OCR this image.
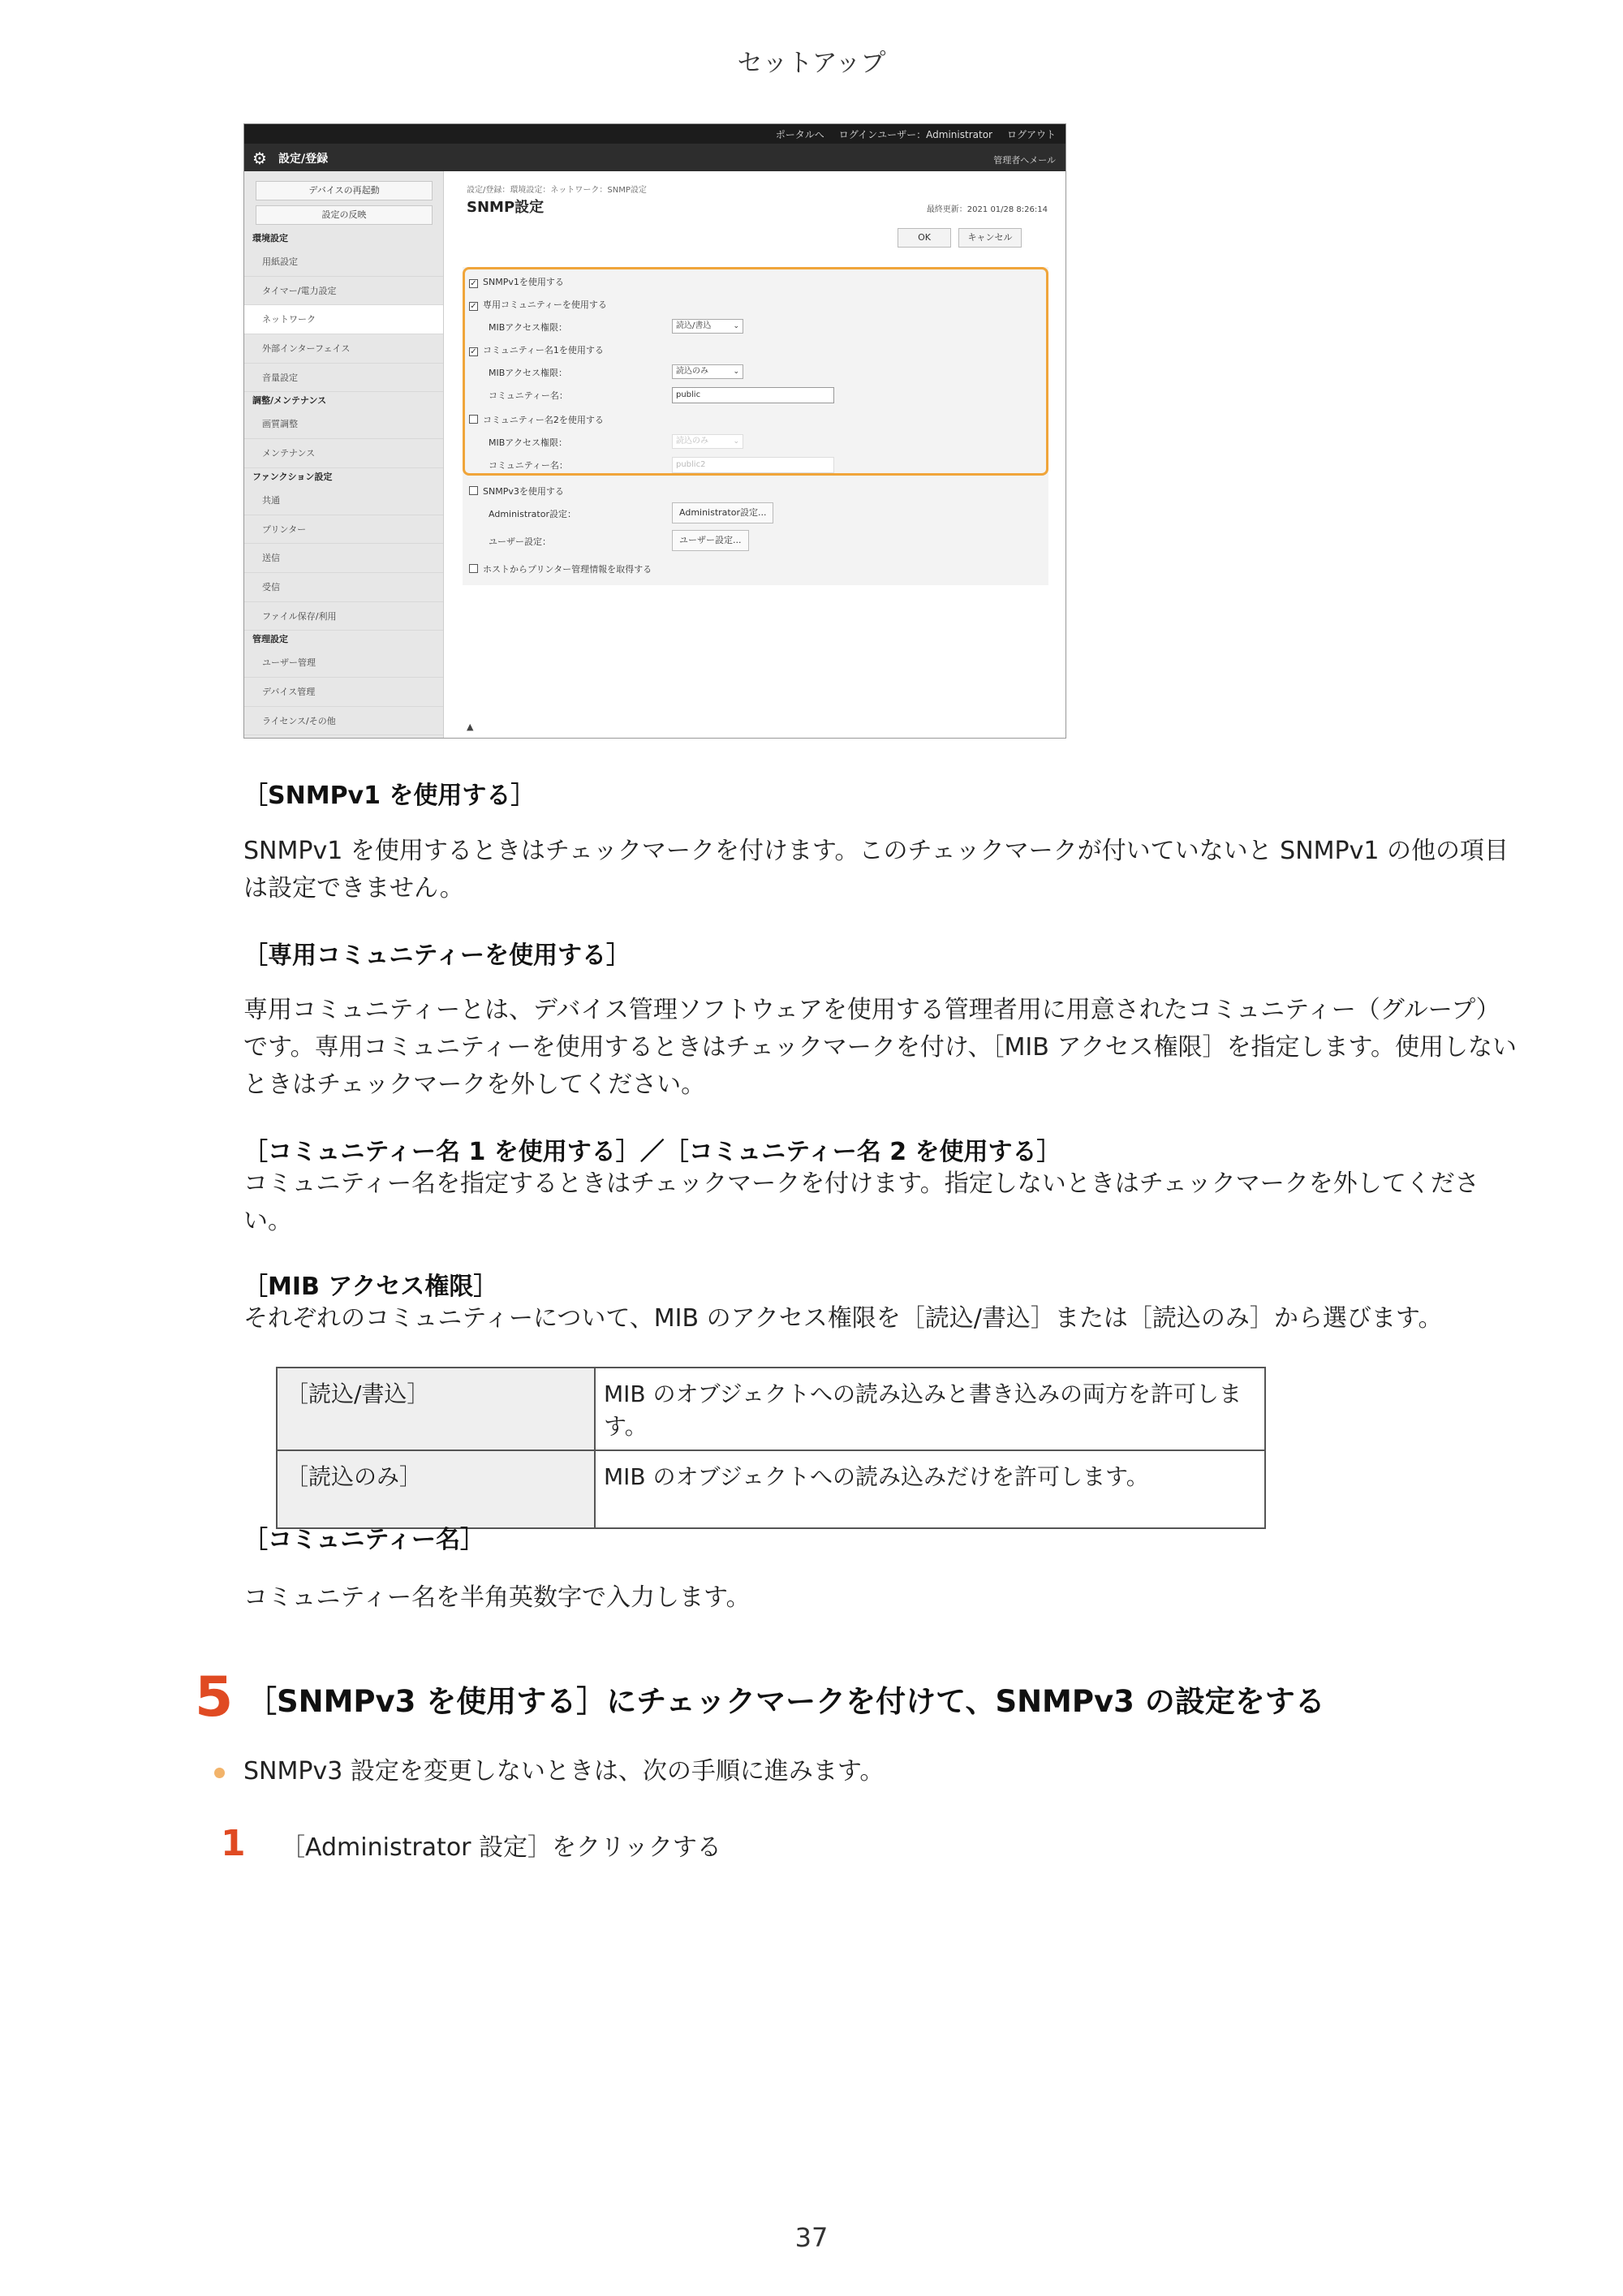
セットアップ
ポータルへ ログインユーザー：Administrator ログアウト
⚙ 設定/登録	管理者へメール
デバイスの再起動
設定の反映
環境設定
用紙設定
タイマー/電力設定
ネットワーク
外部インターフェイス
音量設定
調整/メンテナンス
画質調整
メンテナンス
ファンクション設定
共通
プリンター
送信
受信
ファイル保存/利用
管理設定
ユーザー管理
デバイス管理
ライセンス/その他
設定/登録：環境設定：ネットワーク：SNMP設定
SNMP設定	最終更新：2021 01/28 8:26:14
OK	キャンセル
✓ SNMPv1を使用する
✓ 専用コミュニティーを使用する
MIBアクセス権限：	読込/書込	⌄
✓ コミュニティー名1を使用する
MIBアクセス権限：	読込のみ	⌄
コミュニティー名：	public
コミュニティー名2を使用する
MIBアクセス権限：	読込のみ	⌄
コミュニティー名：	public2
SNMPv3を使用する
Administrator設定：	Administrator設定...
ユーザー設定：	ユーザー設定...
ホストからプリンター管理情報を取得する
▲
［SNMPv1 を使用する］
SNMPv1 を使用するときはチェックマークを付けます。このチェックマークが付いていないと SNMPv1 の他の項目は設定できません。
［専用コミュニティーを使用する］
専用コミュニティーとは、デバイス管理ソフトウェアを使用する管理者用に用意されたコミュニティー（グループ）です。専用コミュニティーを使用するときはチェックマークを付け、［MIB アクセス権限］を指定します。使用しないときはチェックマークを外してください。
［コミュニティー名 1 を使用する］／［コミュニティー名 2 を使用する］
コミュニティー名を指定するときはチェックマークを付けます。指定しないときはチェックマークを外してください。
［MIB アクセス権限］
それぞれのコミュニティーについて、MIB のアクセス権限を［読込/書込］または［読込のみ］から選びます。
［読込/書込］	MIB のオブジェクトへの読み込みと書き込みの両方を許可します。
［読込のみ］	MIB のオブジェクトへの読み込みだけを許可します。
［コミュニティー名］
コミュニティー名を半角英数字で入力します。
5 ［SNMPv3 を使用する］にチェックマークを付けて、SNMPv3 の設定をする
SNMPv3 設定を変更しないときは、次の手順に進みます。
1 ［Administrator 設定］をクリックする
37
